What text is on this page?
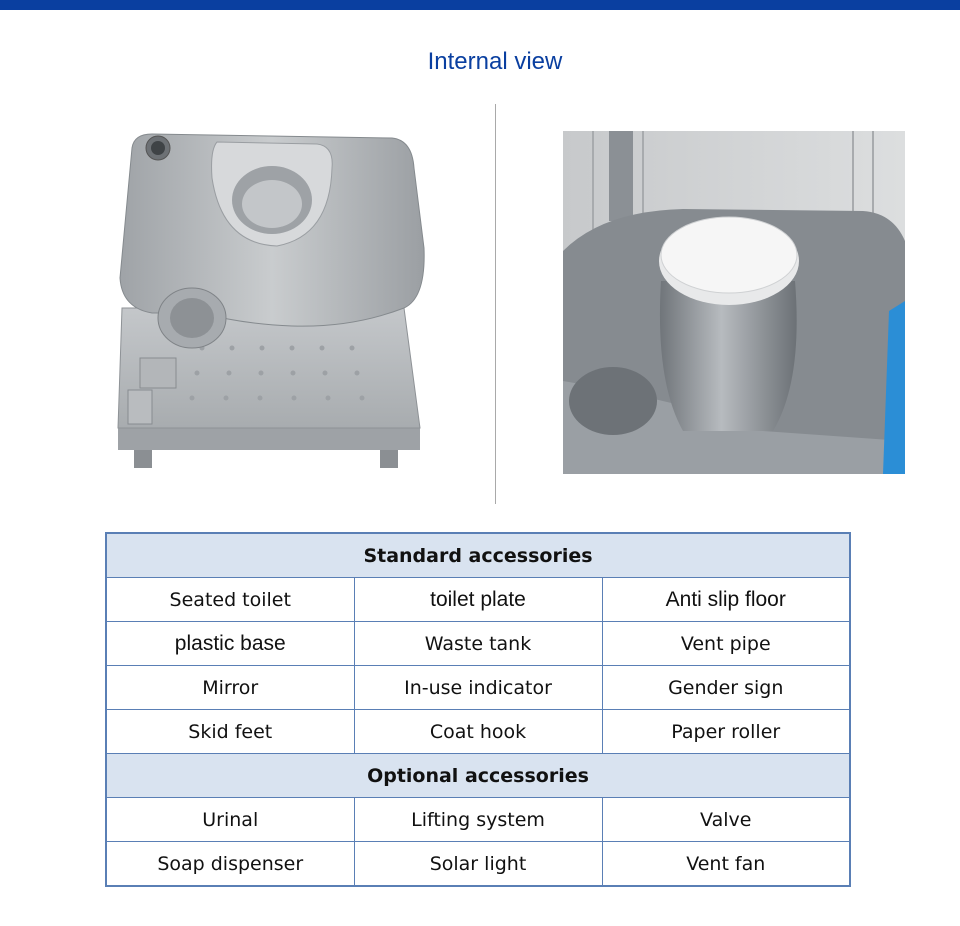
Internal view
Standard accessories		
Seated toilet	toilet plate	Anti slip floor
plastic base	Waste tank	Vent pipe
Mirror	In-use indicator	Gender sign
Skid feet	Coat hook	Paper roller
Optional accessories		
Urinal	Lifting system	Valve
Soap dispenser	Solar light	Vent fan
